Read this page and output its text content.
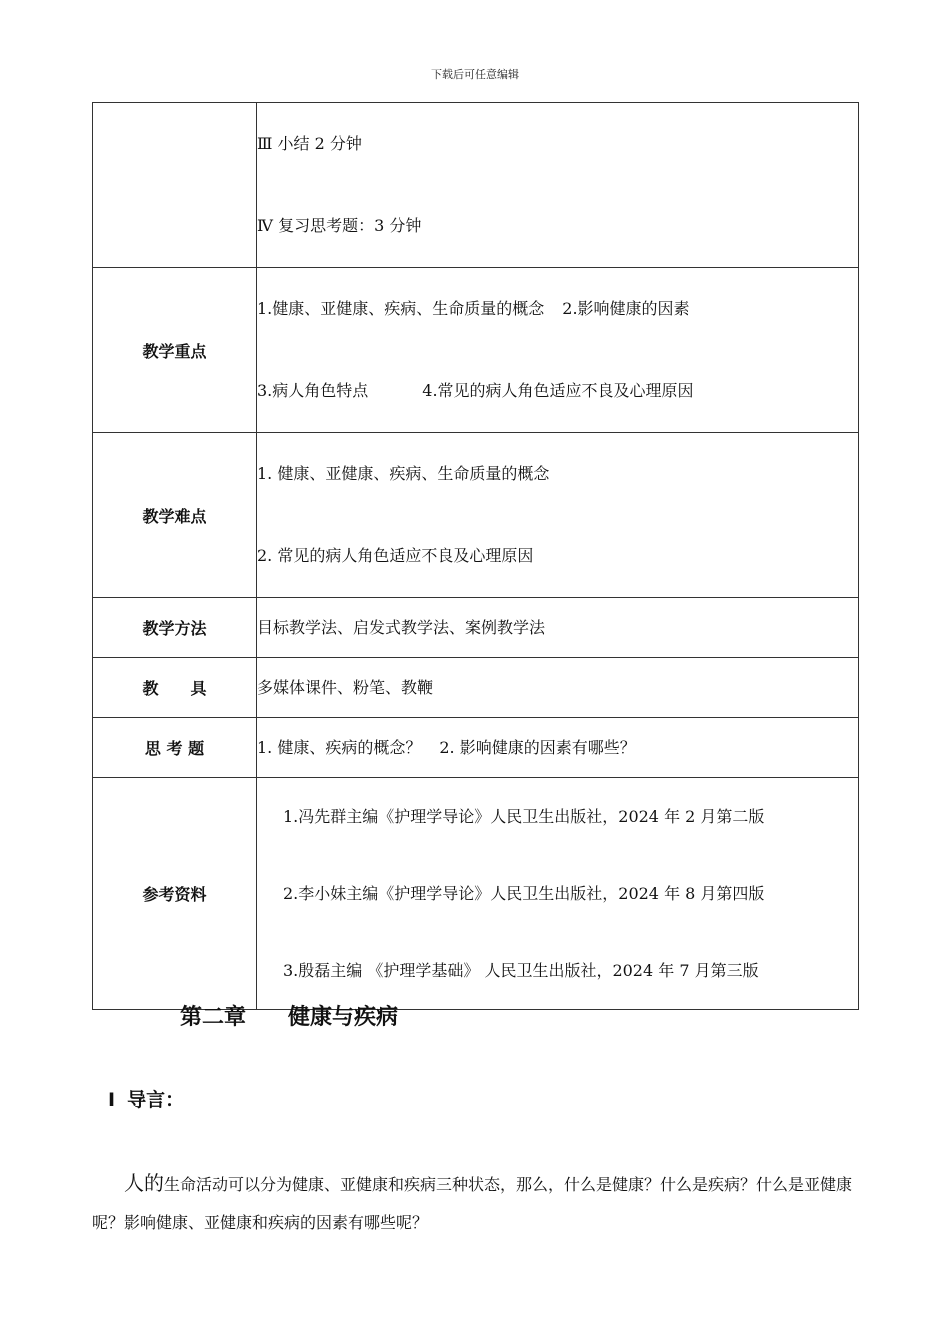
下载后可任意编辑

	Ⅲ 小结 2 分钟
Ⅳ 复习思考题：3 分钟

教学重点	1.健康、亚健康、疾病、生命质量的概念 2.影响健康的因素
3.病人角色特点 4.常见的病人角色适应不良及心理原因

教学难点	1. 健康、亚健康、疾病、生命质量的概念
2. 常见的病人角色适应不良及心理原因

教学方法	目标教学法、启发式教学法、案例教学法

教　　具	多媒体课件、粉笔、教鞭

思 考 题	1. 健康、疾病的概念？ 2. 影响健康的因素有哪些？

参考资料	1.冯先群主编《护理学导论》人民卫生出版社，2024 年 2 月第二版
2.李小妹主编《护理学导论》人民卫生出版社，2024 年 8 月第四版
3.殷磊主编 《护理学基础》 人民卫生出版社，2024 年 7 月第三版
第二章 健康与疾病
Ⅰ 导言：
人的生命活动可以分为健康、亚健康和疾病三种状态，那么，什么是健康？什么是疾病？什么是亚健康呢？影响健康、亚健康和疾病的因素有哪些呢？
